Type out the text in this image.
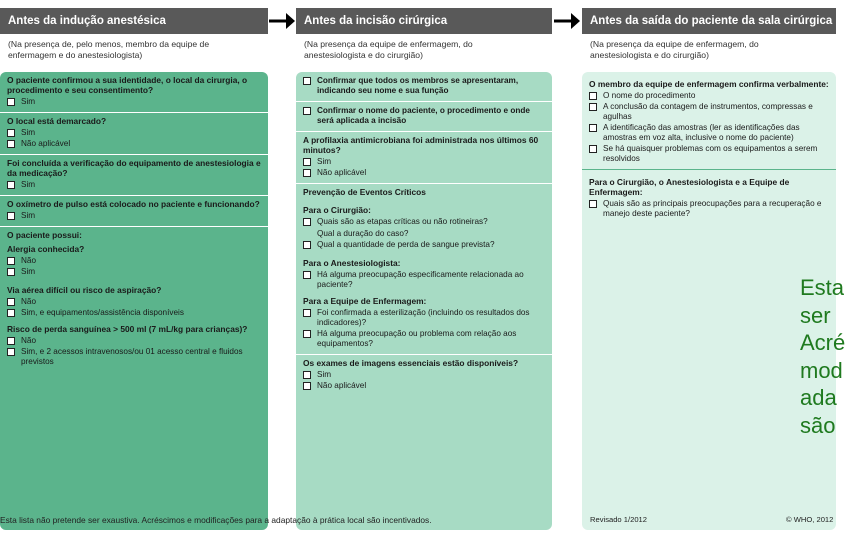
Antes da indução anestésica	Antes da incisão cirúrgica	Antes da saída do paciente da sala cirúrgica
(Na presença de, pelo menos, membro da equipe de enfermagem e do anestesiologista)
(Na presença da equipe de enfermagem, do anestesiologista e do cirurgião)
(Na presença da equipe de enfermagem, do anestesiologista e do cirurgião)
O paciente confirmou a sua identidade, o local da cirurgia, o procedimento e seu consentimento?
Sim
O local está demarcado?
Sim
Não aplicável
Foi concluída a verificação do equipamento de anestesiologia e da medicação?
Sim
O oxímetro de pulso está colocado no paciente e funcionando?
Sim
O paciente possui:
Alergia conhecida?
Não
Sim
Via aérea difícil ou risco de aspiração?
Não
Sim, e equipamentos/assistência disponíveis
Risco de perda sanguínea > 500 ml (7 mL/kg para crianças)?
Não
Sim, e 2 acessos intravenosos/ou 01 acesso central e fluidos previstos
Confirmar que todos os membros se apresentaram, indicando seu nome e sua função
Confirmar o nome do paciente, o procedimento e onde será aplicada a incisão
A profilaxia antimicrobiana foi administrada nos últimos 60 minutos?
Sim
Não aplicável
Prevenção de Eventos Críticos
Para o Cirurgião:
Quais são as etapas críticas ou não rotineiras?
Qual a duração do caso?
Qual a quantidade de perda de sangue prevista?
Para o Anestesiologista:
Há alguma preocupação especificamente relacionada ao paciente?
Para a Equipe de Enfermagem:
Foi confirmada a esterilização (incluindo os resultados dos indicadores)?
Há alguma preocupação ou problema com relação aos equipamentos?
Os exames de imagens essenciais estão disponíveis?
Sim
Não aplicável
O membro da equipe de enfermagem confirma verbalmente:
O nome do procedimento
A conclusão da contagem de instrumentos, compressas e agulhas
A identificação das amostras (ler as identificações das amostras em voz alta, inclusive o nome do paciente)
Se há quaisquer problemas com os equipamentos a serem resolvidos
Para o Cirurgião, o Anestesiologista e a Equipe de Enfermagem:
Quais são as principais preocupações para a recuperação e manejo deste paciente?
Esta
ser
Acré
mod
ada
são
Esta lista não pretende ser exaustiva. Acréscimos e modificações para a adaptação à prática local são incentivados.	Revisado 1/2012	© WHO, 2012
